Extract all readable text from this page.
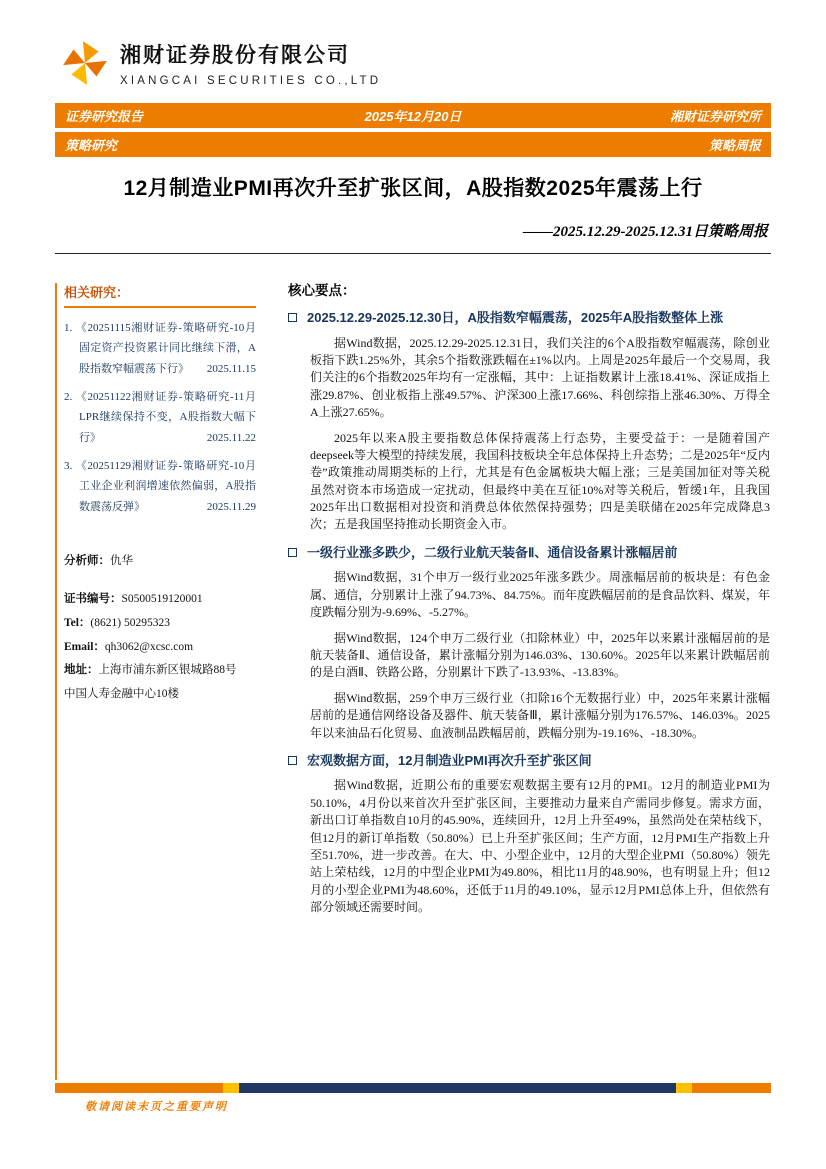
湘财证券股份有限公司
XIANGCAI SECURITIES CO.,LTD
证券研究报告	2025年12月20日	湘财证券研究所
策略研究	策略周报
12月制造业PMI再次升至扩张区间，A股指数2025年震荡上行
——2025.12.29-2025.12.31日策略周报
相关研究：
1. 《20251115湘财证券-策略研究-10月固定资产投资累计同比继续下滑，A股指数窄幅震荡下行》 2025.11.15
2. 《20251122湘财证券-策略研究-11月LPR继续保持不变，A股指数大幅下行》	2025.11.22
3. 《20251129湘财证券-策略研究-10月工业企业利润增速依然偏弱，A股指数震荡反弹》	2025.11.29
分析师：仇华
证书编号：S0500519120001
Tel：(8621) 50295323
Email：qh3062@xcsc.com
地址：上海市浦东新区银城路88号
中国人寿金融中心10楼
核心要点：
2025.12.29-2025.12.30日，A股指数窄幅震荡，2025年A股指数整体上涨

据Wind数据，2025.12.29-2025.12.31日，我们关注的6个A股指数窄幅震荡，除创业板指下跌1.25%外，其余5个指数涨跌幅在±1%以内。上周是2025年最后一个交易周，我们关注的6个指数2025年均有一定涨幅，其中：上证指数累计上涨18.41%、深证成指上涨29.87%、创业板指上涨49.57%、沪深300上涨17.66%、科创综指上涨46.30%、万得全A上涨27.65%。

2025年以来A股主要指数总体保持震荡上行态势，主要受益于：一是随着国产deepseek等大模型的持续发展，我国科技板块全年总体保持上升态势；二是2025年“反内卷”政策推动周期类标的上行，尤其是有色金属板块大幅上涨；三是美国加征对等关税虽然对资本市场造成一定扰动，但最终中美在互征10%对等关税后，暂缓1年，且我国2025年出口数据相对投资和消费总体依然保持强势；四是美联储在2025年完成降息3次；五是我国坚持推动长期资金入市。

一级行业涨多跌少，二级行业航天装备Ⅱ、通信设备累计涨幅居前

据Wind数据，31个申万一级行业2025年涨多跌少。周涨幅居前的板块是：有色金属、通信，分别累计上涨了94.73%、84.75%。而年度跌幅居前的是食品饮料、煤炭，年度跌幅分别为-9.69%、-5.27%。

据Wind数据，124个申万二级行业（扣除林业）中，2025年以来累计涨幅居前的是航天装备Ⅱ、通信设备，累计涨幅分别为146.03%、130.60%。2025年以来累计跌幅居前的是白酒Ⅱ、铁路公路，分别累计下跌了-13.93%、-13.83%。

据Wind数据，259个申万三级行业（扣除16个无数据行业）中，2025年来累计涨幅居前的是通信网络设备及器件、航天装备Ⅲ，累计涨幅分别为176.57%、146.03%。2025年以来油品石化贸易、血液制品跌幅居前，跌幅分别为-19.16%、-18.30%。

宏观数据方面，12月制造业PMI再次升至扩张区间

据Wind数据，近期公布的重要宏观数据主要有12月的PMI。12月的制造业PMI为50.10%，4月份以来首次升至扩张区间，主要推动力量来自产需同步修复。需求方面，新出口订单指数自10月的45.90%，连续回升，12月上升至49%，虽然尚处在荣枯线下，但12月的新订单指数（50.80%）已上升至扩张区间；生产方面，12月PMI生产指数上升至51.70%，进一步改善。在大、中、小型企业中，12月的大型企业PMI（50.80%）领先站上荣枯线，12月的中型企业PMI为49.80%，相比11月的48.90%，也有明显上升；但12月的小型企业PMI为48.60%，还低于11月的49.10%，显示12月PMI总体上升，但依然有部分领域还需要时间。

敬请阅读末页之重要声明
